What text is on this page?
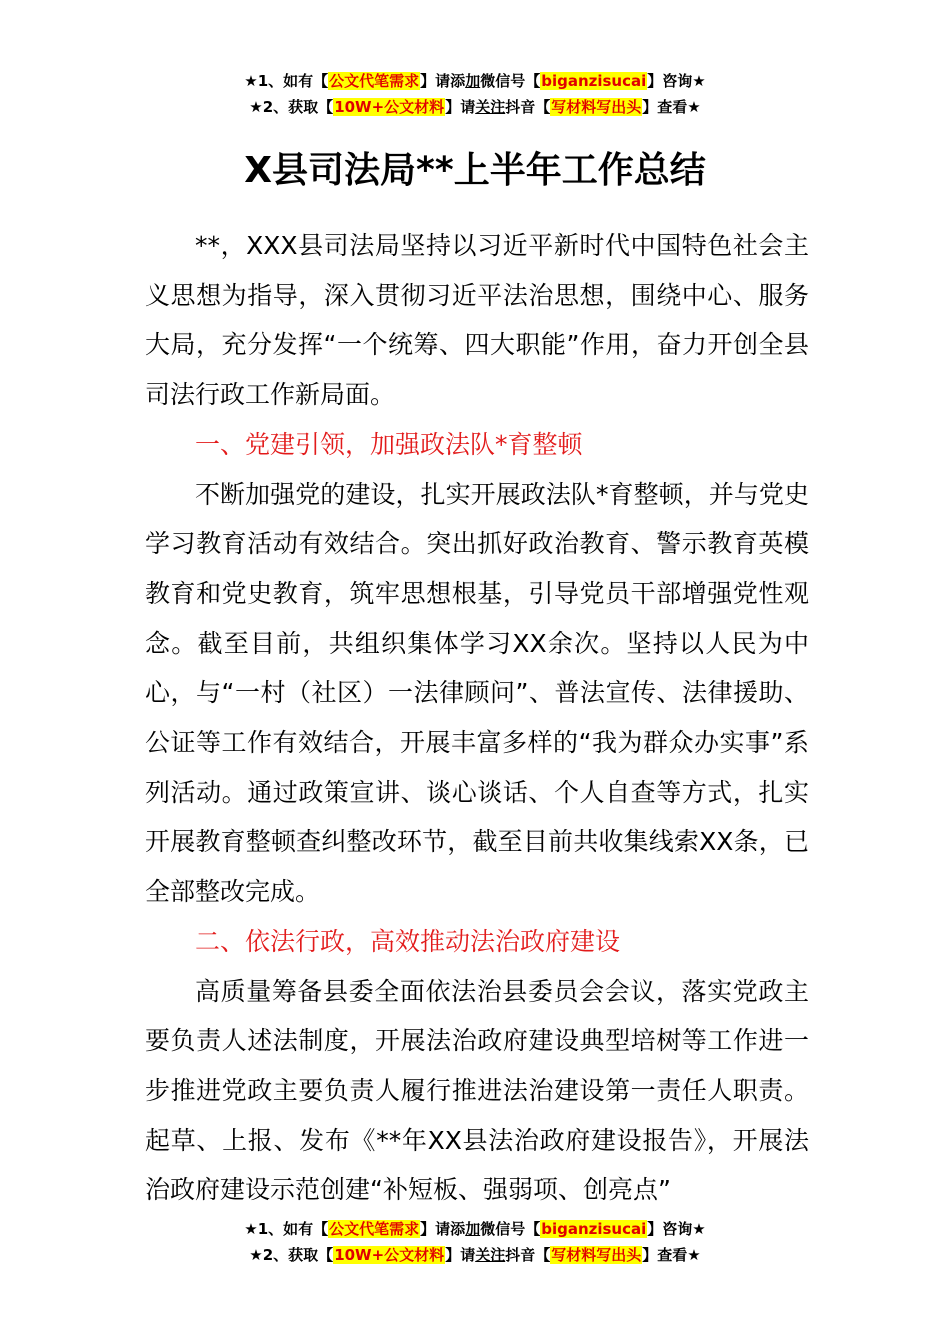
★1、如有【公文代笔需求】请添加微信号【biganzisucai】咨询★
★2、获取【10W+公文材料】请关注抖音【写材料写出头】查看★
X县司法局**上半年工作总结

**，XXX县司法局坚持以习近平新时代中国特色社会主义思想为指导，深入贯彻习近平法治思想，围绕中心、服务大局，充分发挥“一个统筹、四大职能”作用，奋力开创全县司法行政工作新局面。

一、党建引领，加强政法队*育整顿

不断加强党的建设，扎实开展政法队*育整顿，并与党史学习教育活动有效结合。突出抓好政治教育、警示教育英模教育和党史教育，筑牢思想根基，引导党员干部增强党性观念。截至目前，共组织集体学习XX余次。坚持以人民为中心，与“一村（社区）一法律顾问”、普法宣传、法律援助、公证等工作有效结合，开展丰富多样的“我为群众办实事”系列活动。通过政策宣讲、谈心谈话、个人自查等方式，扎实开展教育整顿查纠整改环节，截至目前共收集线索XX条，已全部整改完成。

二、依法行政，高效推动法治政府建设

高质量筹备县委全面依法治县委员会会议，落实党政主要负责人述法制度，开展法治政府建设典型培树等工作进一步推进党政主要负责人履行推进法治建设第一责任人职责。起草、上报、发布《**年XX县法治政府建设报告》，开展法治政府建设示范创建“补短板、强弱项、创亮点”

★1、如有【公文代笔需求】请添加微信号【biganzisucai】咨询★
★2、获取【10W+公文材料】请关注抖音【写材料写出头】查看★
